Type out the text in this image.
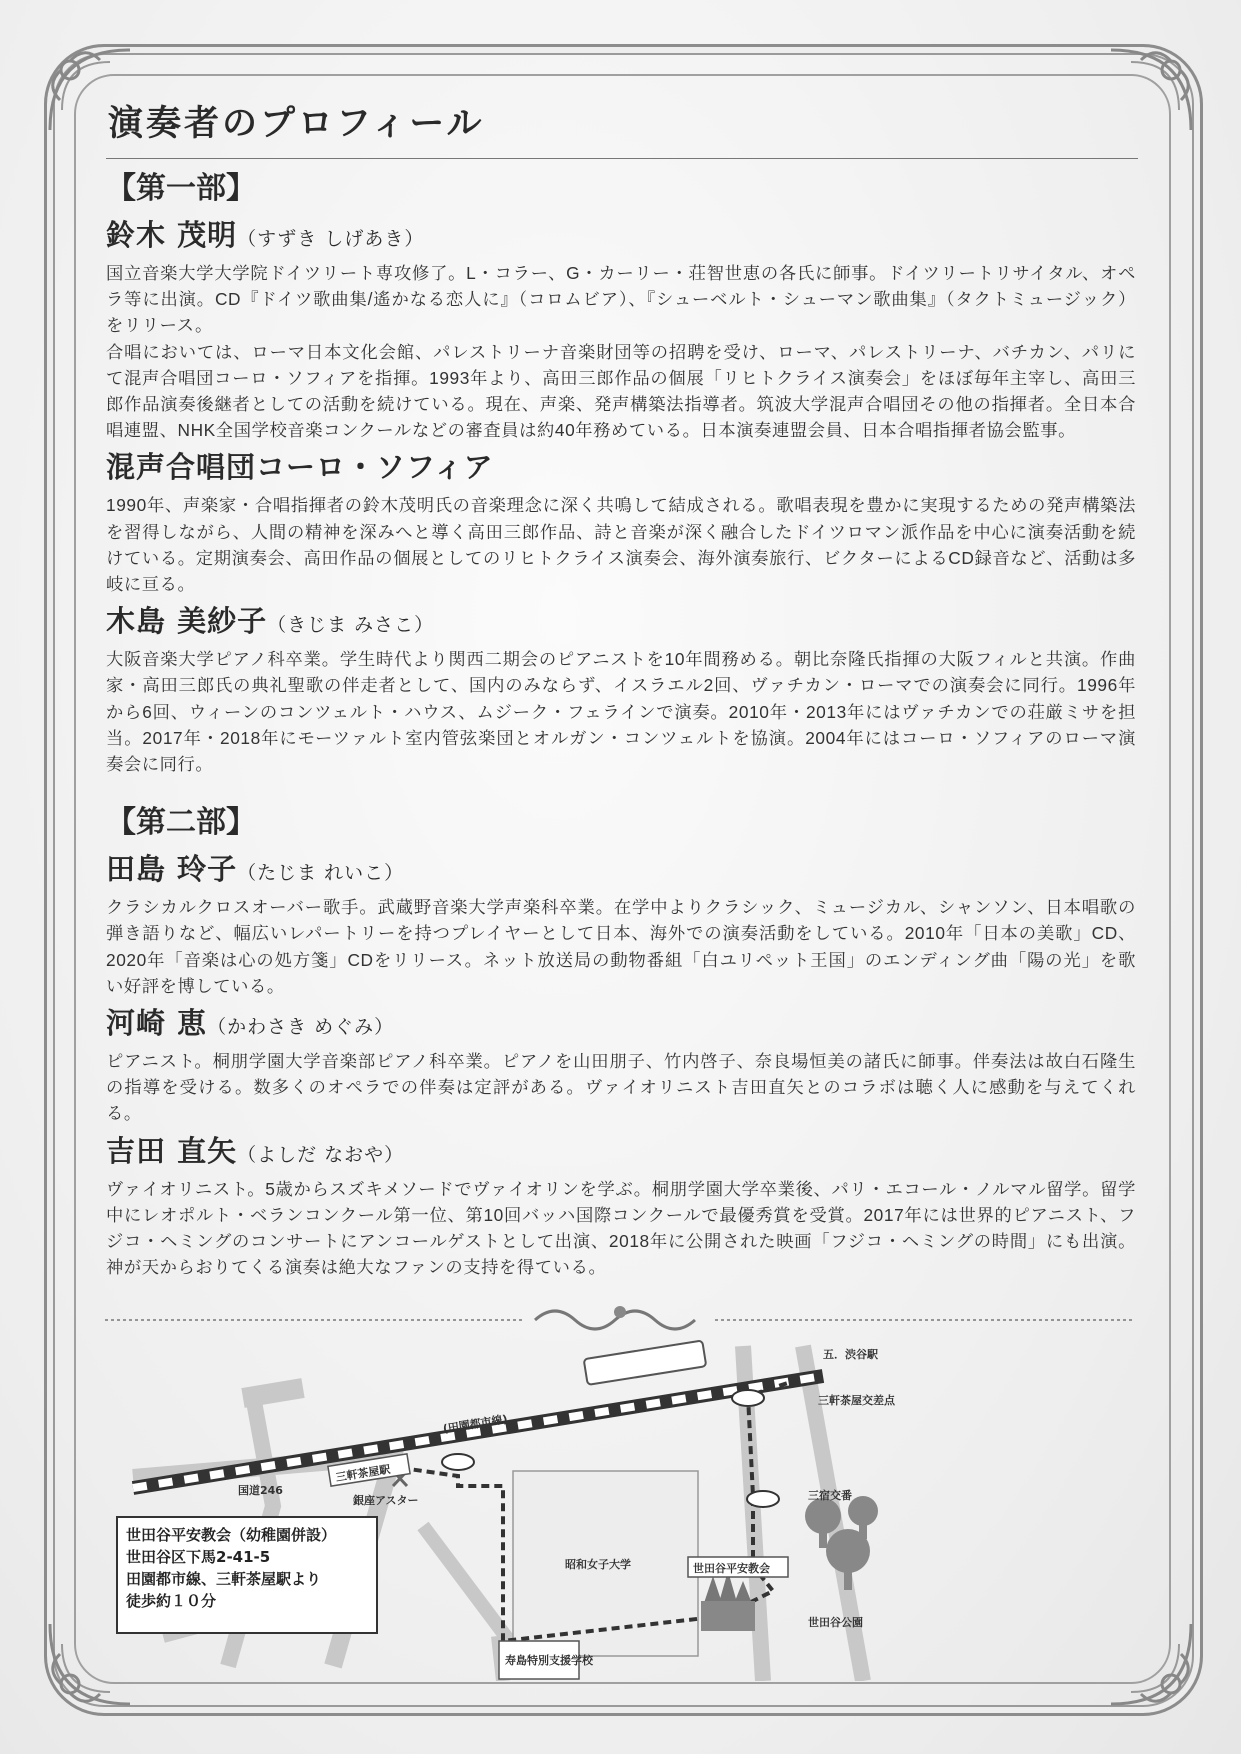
演奏者のプロフィール
【第一部】
鈴木 茂明（すずき しげあき）

国立音楽大学大学院ドイツリート専攻修了。L・コラー、G・カーリー・荘智世恵の各氏に師事。ドイツリートリサイタル、オペラ等に出演。CD『ドイツ歌曲集/遙かなる恋人に』（コロムビア）、『シューベルト・シューマン歌曲集』（タクトミュージック）をリリース。

合唱においては、ローマ日本文化会館、パレストリーナ音楽財団等の招聘を受け、ローマ、パレストリーナ、バチカン、パリにて混声合唱団コーロ・ソフィアを指揮。1993年より、高田三郎作品の個展「リヒトクライス演奏会」をほぼ毎年主宰し、高田三郎作品演奏後継者としての活動を続けている。現在、声楽、発声構築法指導者。筑波大学混声合唱団その他の指揮者。全日本合唱連盟、NHK全国学校音楽コンクールなどの審査員は約40年務めている。日本演奏連盟会員、日本合唱指揮者協会監事。

混声合唱団コーロ・ソフィア

1990年、声楽家・合唱指揮者の鈴木茂明氏の音楽理念に深く共鳴して結成される。歌唱表現を豊かに実現するための発声構築法を習得しながら、人間の精神を深みへと導く高田三郎作品、詩と音楽が深く融合したドイツロマン派作品を中心に演奏活動を続けている。定期演奏会、高田作品の個展としてのリヒトクライス演奏会、海外演奏旅行、ビクターによるCD録音など、活動は多岐に亘る。

木島 美紗子（きじま みさこ）

大阪音楽大学ピアノ科卒業。学生時代より関西二期会のピアニストを10年間務める。朝比奈隆氏指揮の大阪フィルと共演。作曲家・高田三郎氏の典礼聖歌の伴走者として、国内のみならず、イスラエル2回、ヴァチカン・ローマでの演奏会に同行。1996年から6回、ウィーンのコンツェルト・ハウス、ムジーク・フェラインで演奏。2010年・2013年にはヴァチカンでの荘厳ミサを担当。2017年・2018年にモーツァルト室内管弦楽団とオルガン・コンツェルトを協演。2004年にはコーロ・ソフィアのローマ演奏会に同行。

【第二部】
田島 玲子（たじま れいこ）

クラシカルクロスオーバー歌手。武蔵野音楽大学声楽科卒業。在学中よりクラシック、ミュージカル、シャンソン、日本唱歌の弾き語りなど、幅広いレパートリーを持つプレイヤーとして日本、海外での演奏活動をしている。2010年「日本の美歌」CD、2020年「音楽は心の処方箋」CDをリリース。ネット放送局の動物番組「白ユリペット王国」のエンディング曲「陽の光」を歌い好評を博している。

河崎 恵（かわさき めぐみ）

ピアニスト。桐朋学園大学音楽部ピアノ科卒業。ピアノを山田朋子、竹内啓子、奈良場恒美の諸氏に師事。伴奏法は故白石隆生の指導を受ける。数多くのオペラでの伴奏は定評がある。ヴァイオリニスト吉田直矢とのコラボは聴く人に感動を与えてくれる。

吉田 直矢（よしだ なおや）

ヴァイオリニスト。5歳からスズキメソードでヴァイオリンを学ぶ。桐朋学園大学卒業後、パリ・エコール・ノルマル留学。留学中にレオポルト・ベランコンクール第一位、第10回バッハ国際コンクールで最優秀賞を受賞。2017年には世界的ピアニスト、フジコ・ヘミングのコンサートにアンコールゲストとして出演、2018年に公開された映画「フジコ・ヘミングの時間」にも出演。神が天からおりてくる演奏は絶大なファンの支持を得ている。

三軒茶屋駅
(田園都市線)
国道246
五．渋谷駅
三軒茶屋交差点
三宿交番
銀座アスター
昭和女子大学	世田谷平安教会
寿島特別支援学校
世田谷公園
世田谷平安教会（幼稚園併設）
世田谷区下馬2-41-5
田園都市線、三軒茶屋駅より
徒歩約１０分
